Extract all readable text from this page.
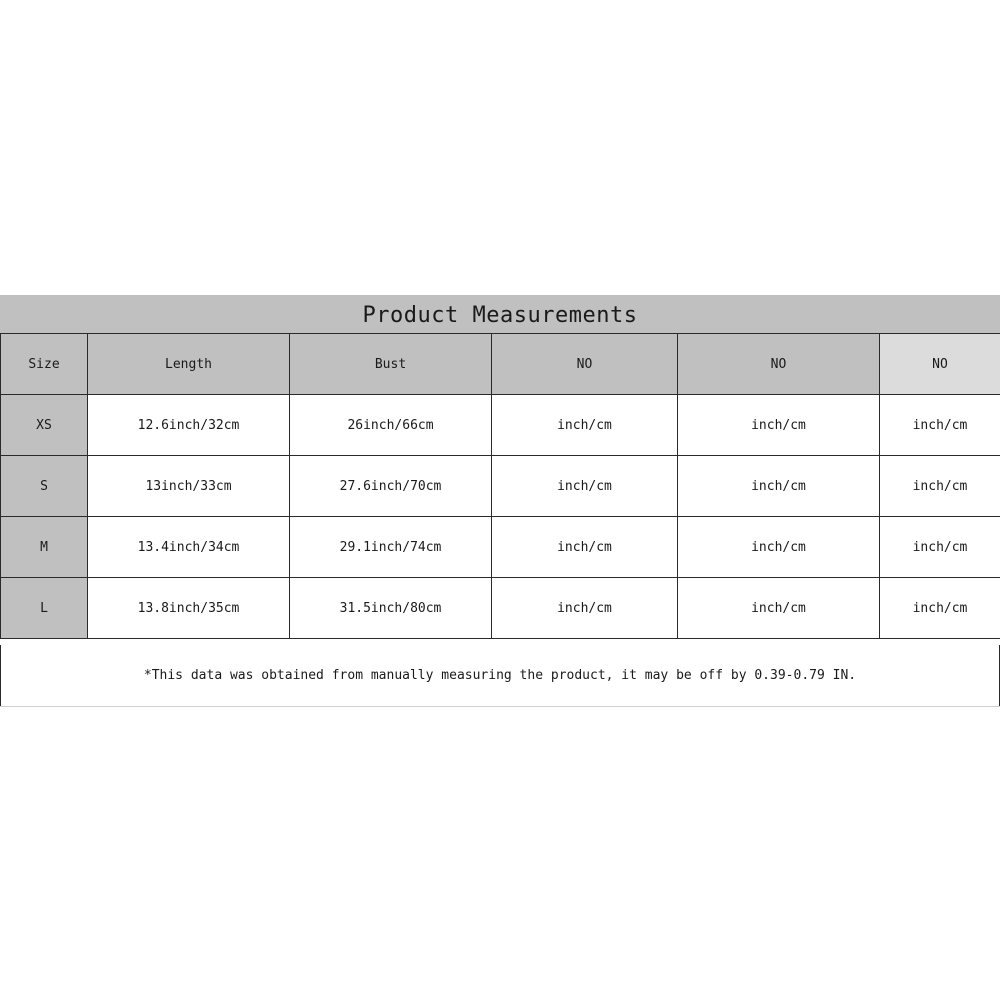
Product Measurements
Size	Length	Bust	NO	NO	NO
XS	12.6inch/32cm	26inch/66cm	inch/cm	inch/cm	inch/cm
S	13inch/33cm	27.6inch/70cm	inch/cm	inch/cm	inch/cm
M	13.4inch/34cm	29.1inch/74cm	inch/cm	inch/cm	inch/cm
L	13.8inch/35cm	31.5inch/80cm	inch/cm	inch/cm	inch/cm
*This data was obtained from manually measuring the product, it may be off by 0.39-0.79 IN.
